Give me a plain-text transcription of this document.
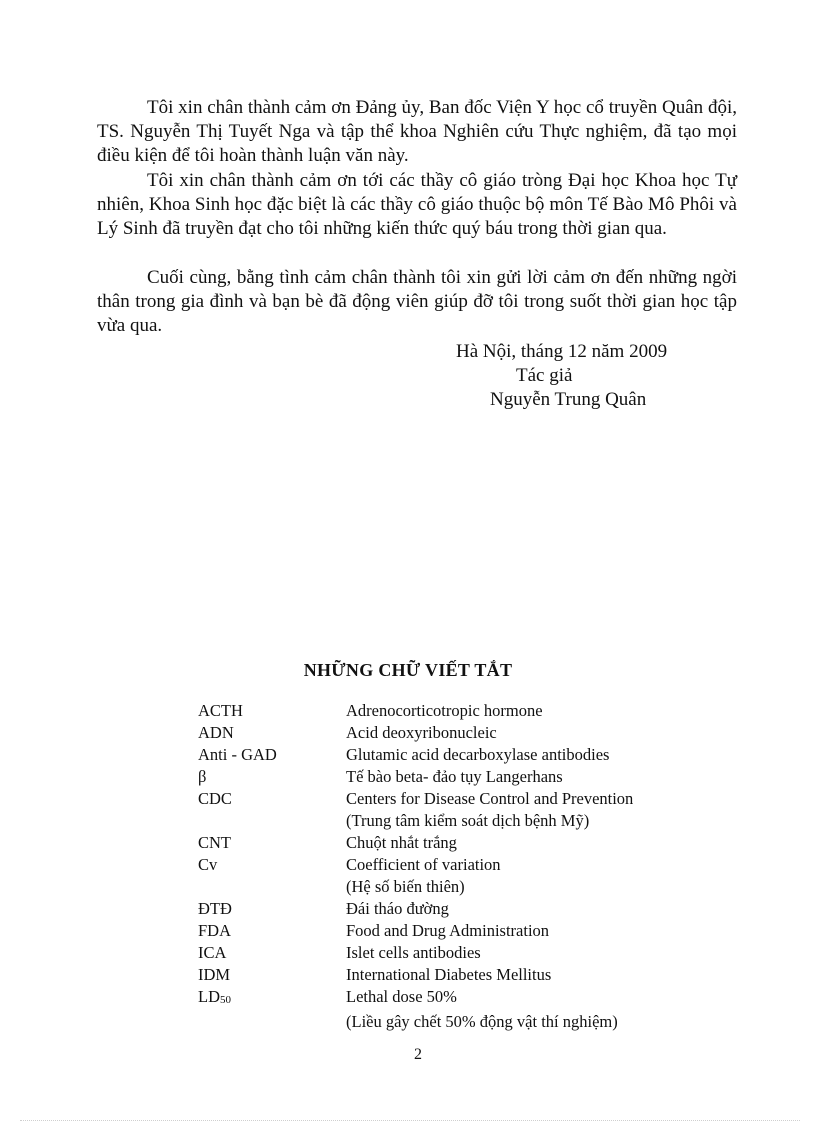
Tôi xin chân thành cảm ơn Đảng ủy, Ban đốc Viện Y học cổ truyền Quân đội, TS. Nguyễn Thị Tuyết Nga và tập thể khoa Nghiên cứu Thực nghiệm, đã tạo mọi điều kiện để tôi hoàn thành luận văn này.
Tôi xin chân thành cảm ơn tới các thầy cô giáo tròng Đại học Khoa học Tự nhiên, Khoa Sinh học đặc biệt là các thầy cô giáo thuộc bộ môn Tế Bào Mô Phôi và Lý Sinh đã truyền đạt cho tôi những kiến thức quý báu trong thời gian qua.
Cuối cùng, bằng tình cảm chân thành tôi xin gửi lời cảm ơn đến những ngời thân trong gia đình và bạn bè đã động viên giúp đỡ tôi trong suốt thời gian học tập vừa qua.
Hà Nội, tháng 12 năm 2009
Tác giả
Nguyễn Trung Quân
NHỮNG CHỮ VIẾT TẮT
ACTH	Adrenocorticotropic hormone
ADN	Acid deoxyribonucleic
Anti - GAD	Glutamic acid decarboxylase antibodies
β	Tế bào beta- đảo tụy Langerhans
CDC	Centers for Disease Control and Prevention
(Trung tâm kiểm soát dịch bệnh Mỹ)
CNT	Chuột nhắt trắng
Cv	Coefficient of variation
(Hệ số biến thiên)
ĐTĐ	Đái tháo đường
FDA	Food and Drug Administration
ICA	Islet cells antibodies
IDM	International Diabetes Mellitus
$LD_{50}$	Lethal dose 50%
(Liều gây chết 50% động vật thí nghiệm)
2
